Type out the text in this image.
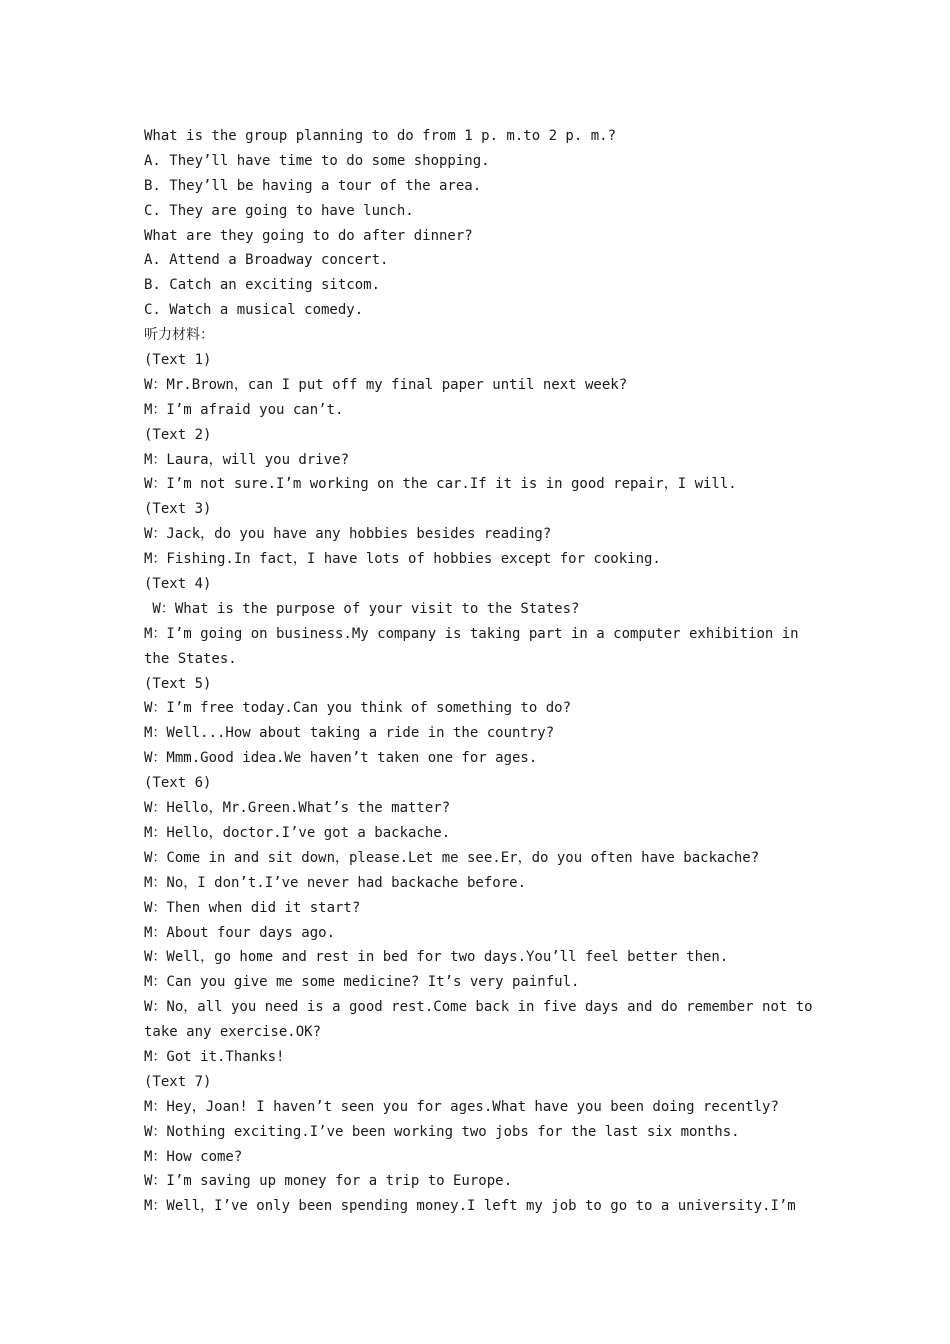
What is the group planning to do from 1 p. m.to 2 p. m.?
A. They’ll have time to do some shopping.
B. They’ll be having a tour of the area.
C. They are going to have lunch.
What are they going to do after dinner?
A. Attend a Broadway concert.
B. Catch an exciting sitcom.
C. Watch a musical comedy.
听力材料：
(Text 1)
W：Mr.Brown，can I put off my final paper until next week?
M：I’m afraid you can’t.
(Text 2)
M：Laura，will you drive?
W：I’m not sure.I’m working on the car.If it is in good repair，I will.
(Text 3)
W：Jack，do you have any hobbies besides reading?
M：Fishing.In fact，I have lots of hobbies except for cooking.
(Text 4)
W：What is the purpose of your visit to the States?
M：I’m going on business.My company is taking part in a computer exhibition in
the States.
(Text 5)
W：I’m free today.Can you think of something to do?
M：Well...How about taking a ride in the country?
W：Mmm.Good idea.We haven’t taken one for ages.
(Text 6)
W：Hello，Mr.Green.What’s the matter?
M：Hello，doctor.I’ve got a backache.
W：Come in and sit down，please.Let me see.Er，do you often have backache?
M：No，I don’t.I’ve never had backache before.
W：Then when did it start?
M：About four days ago.
W：Well，go home and rest in bed for two days.You’ll feel better then.
M：Can you give me some medicine? It’s very painful.
W：No，all you need is a good rest.Come back in five days and do remember not to
take any exercise.OK?
M：Got it.Thanks!
(Text 7)
M：Hey，Joan! I haven’t seen you for ages.What have you been doing recently?
W：Nothing exciting.I’ve been working two jobs for the last six months.
M：How come?
W：I’m saving up money for a trip to Europe.
M：Well，I’ve only been spending money.I left my job to go to a university.I’m
